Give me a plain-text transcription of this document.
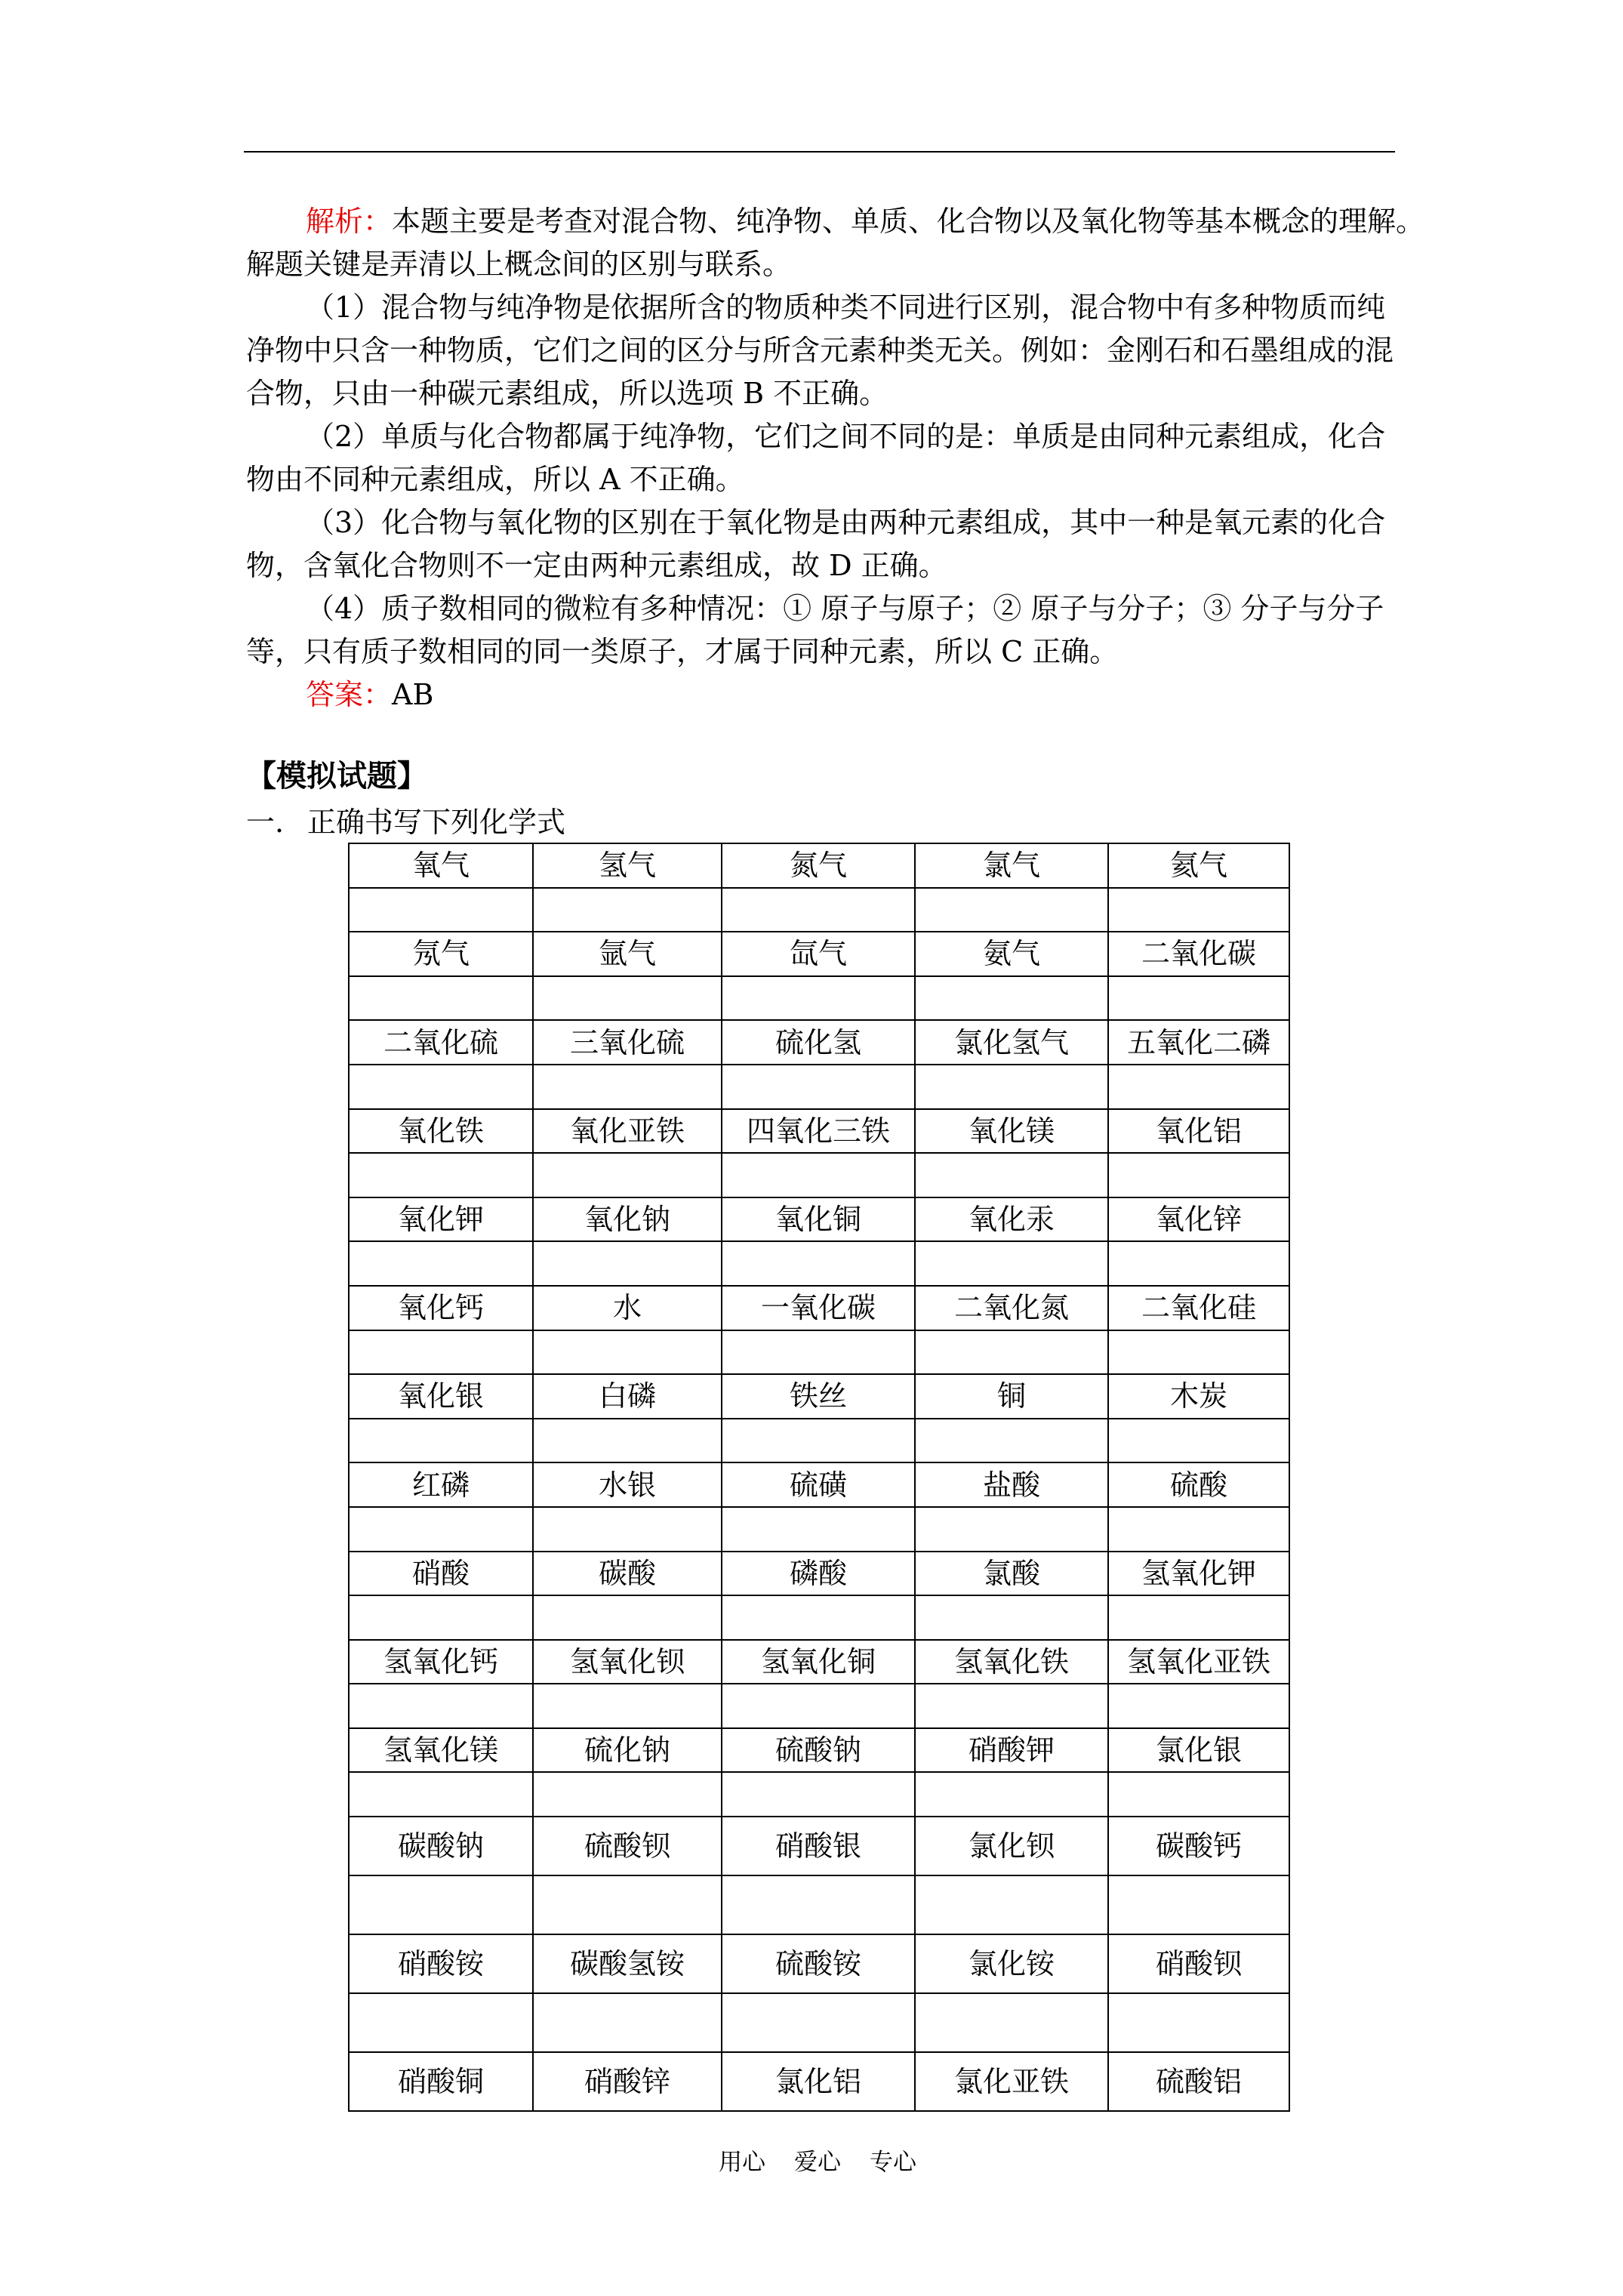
解析：本题主要是考查对混合物、纯净物、单质、化合物以及氧化物等基本概念的理解。
解题关键是弄清以上概念间的区别与联系。
（1）混合物与纯净物是依据所含的物质种类不同进行区别，混合物中有多种物质而纯
净物中只含一种物质，它们之间的区分与所含元素种类无关。例如：金刚石和石墨组成的混
合物，只由一种碳元素组成，所以选项 B 不正确。
（2）单质与化合物都属于纯净物，它们之间不同的是：单质是由同种元素组成，化合
物由不同种元素组成，所以 A 不正确。
（3）化合物与氧化物的区别在于氧化物是由两种元素组成，其中一种是氧元素的化合
物，含氧化合物则不一定由两种元素组成，故 D 正确。
（4）质子数相同的微粒有多种情况：① 原子与原子；② 原子与分子；③ 分子与分子
等，只有质子数相同的同一类原子，才属于同种元素，所以 C 正确。
答案：AB
【模拟试题】
一. 正确书写下列化学式
氧气	氢气	氮气	氯气	氦气

氖气	氩气	氙气	氨气	二氧化碳

二氧化硫	三氧化硫	硫化氢	氯化氢气	五氧化二磷

氧化铁	氧化亚铁	四氧化三铁	氧化镁	氧化铝

氧化钾	氧化钠	氧化铜	氧化汞	氧化锌

氧化钙	水	一氧化碳	二氧化氮	二氧化硅

氧化银	白磷	铁丝	铜	木炭

红磷	水银	硫磺	盐酸	硫酸

硝酸	碳酸	磷酸	氯酸	氢氧化钾

氢氧化钙	氢氧化钡	氢氧化铜	氢氧化铁	氢氧化亚铁

氢氧化镁	硫化钠	硫酸钠	硝酸钾	氯化银

碳酸钠	硫酸钡	硝酸银	氯化钡	碳酸钙

硝酸铵	碳酸氢铵	硫酸铵	氯化铵	硝酸钡

硝酸铜	硝酸锌	氯化铝	氯化亚铁	硫酸铝
用心 爱心 专心
